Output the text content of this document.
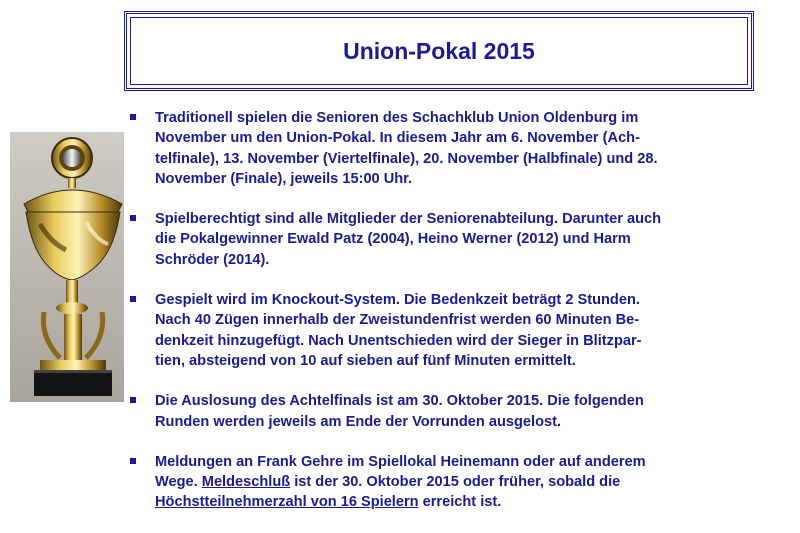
Union-Pokal 2015
Traditionell spielen die Senioren des Schachklub Union Oldenburg im
November um den Union-Pokal. In diesem Jahr am 6. November (Ach-
telfinale), 13. November (Viertelfinale), 20. November (Halbfinale) und 28.
November (Finale), jeweils 15:00 Uhr.
Spielberechtigt sind alle Mitglieder der Seniorenabteilung. Darunter auch
die Pokalgewinner Ewald Patz (2004), Heino Werner (2012) und Harm
Schröder (2014).
Gespielt wird im Knockout-System. Die Bedenkzeit beträgt 2 Stunden.
Nach 40 Zügen innerhalb der Zweistundenfrist werden 60 Minuten Be-
denkzeit hinzugefügt. Nach Unentschieden wird der Sieger in Blitzpar-
tien, absteigend von 10 auf sieben auf fünf Minuten ermittelt.
Die Auslosung des Achtelfinals ist am 30. Oktober 2015. Die folgenden
Runden werden jeweils am Ende der Vorrunden ausgelost.
Meldungen an Frank Gehre im Spiellokal Heinemann oder auf anderem
Wege. Meldeschluß ist der 30. Oktober 2015 oder früher, sobald die
Höchstteilnehmerzahl von 16 Spielern erreicht ist.
